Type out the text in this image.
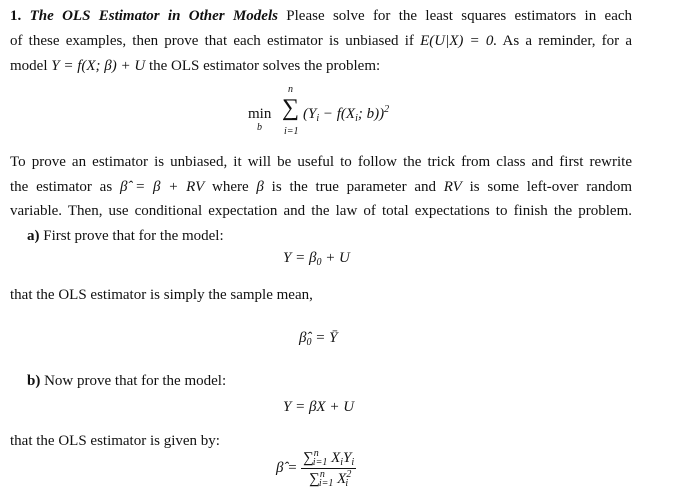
1. The OLS Estimator in Other Models Please solve for the least squares estimators in each
of these examples, then prove that each estimator is unbiased if E(U|X) = 0. As a reminder, for a
model Y = f(X; β) + U the OLS estimator solves the problem:
min
b
n
∑
i=1
($Y_i - f(X_i$; b))$^2$
To prove an estimator is unbiased, it will be useful to follow the trick from class and first rewrite
the estimator as β̂ = β + RV where β is the true parameter and RV is some left-over random
variable. Then, use conditional expectation and the law of total expectations to finish the problem.
a) First prove that for the model:
$Y = \beta_0 + U$
that the OLS estimator is simply the sample mean,
$\betâ_0$ = Ȳ
b) Now prove that for the model:
Y = βX + U
that the OLS estimator is given by:
β̂ = $\frac{\sum^n_{i=1} X_iY_i}{\sum^n_{i=1} X^2_i}$
